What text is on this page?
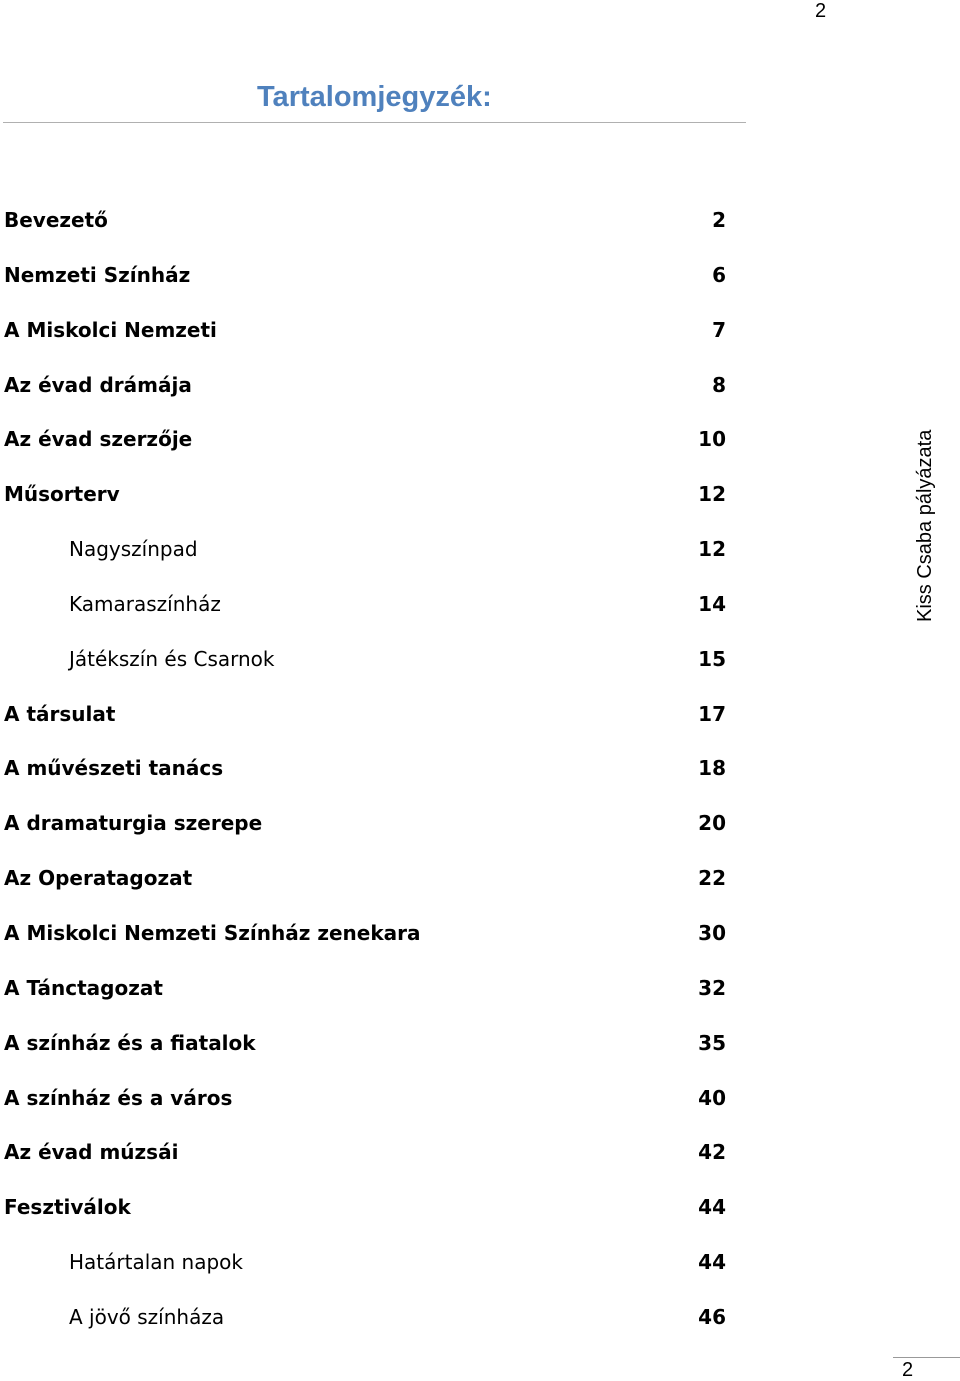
2
Tartalomjegyzék:
Bevezető	2
Nemzeti Színház	6
A Miskolci Nemzeti	7
Az évad drámája	8
Az évad szerzője	10
Műsorterv	12
Nagyszínpad	12
Kamaraszínház	14
Játékszín és Csarnok	15
A társulat	17
A művészeti tanács	18
A dramaturgia szerepe	20
Az Operatagozat	22
A Miskolci Nemzeti Színház zenekara	30
A Tánctagozat	32
A színház és a fiatalok	35
A színház és a város	40
Az évad múzsái	42
Fesztiválok	44
Határtalan napok	44
A jövő színháza	46
Kiss Csaba pályázata
2
